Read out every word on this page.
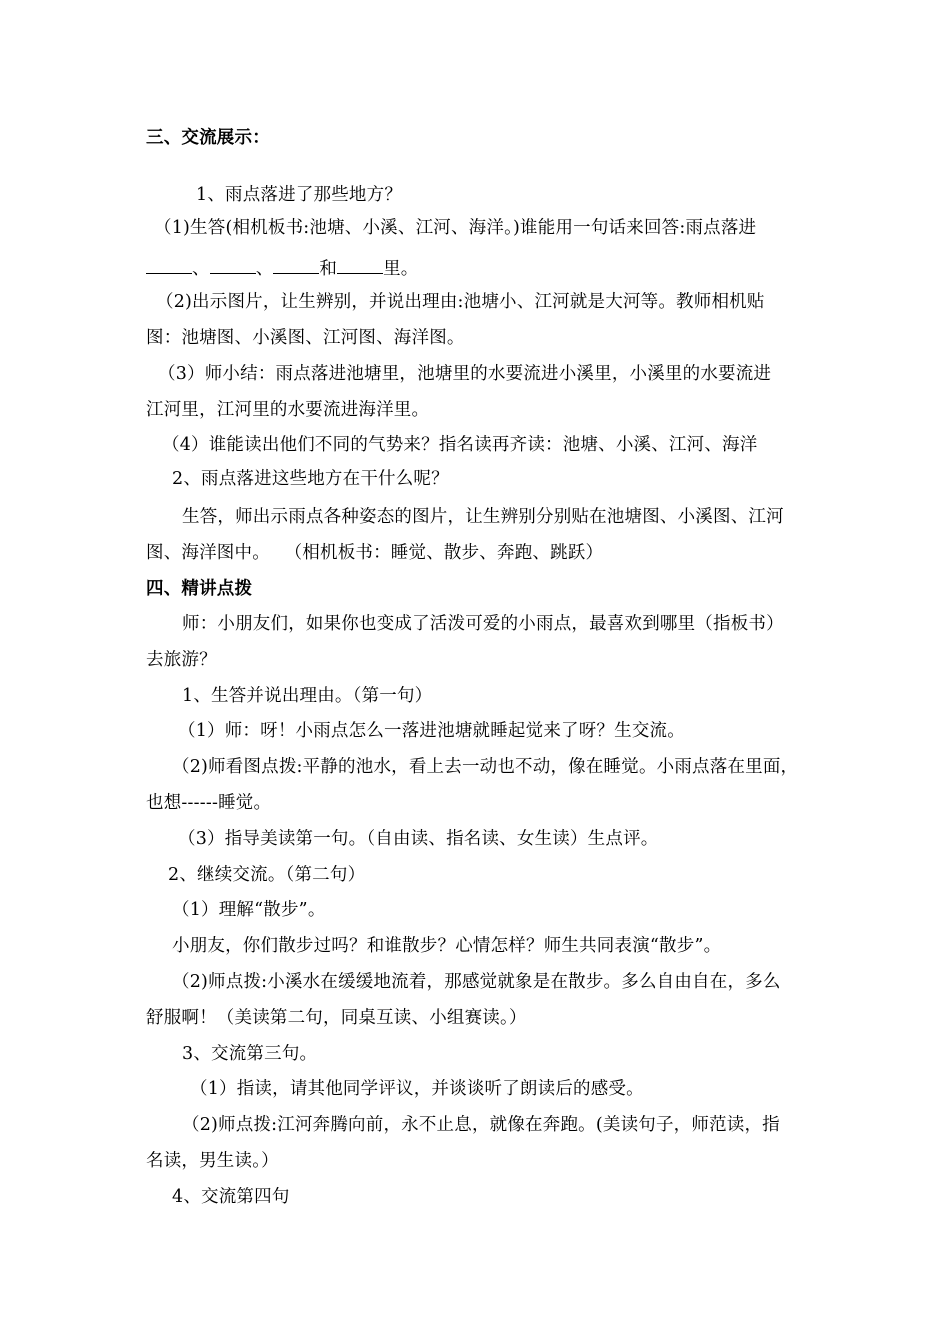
三、交流展示：
1、雨点落进了那些地方？
（1)生答(相机板书:池塘、小溪、江河、海洋。)谁能用一句话来回答:雨点落进
、	、	和	里。
（2)出示图片，让生辨别，并说出理由:池塘小、江河就是大河等。教师相机贴
图：池塘图、小溪图、江河图、海洋图。
（3）师小结：雨点落进池塘里，池塘里的水要流进小溪里，小溪里的水要流进
江河里，江河里的水要流进海洋里。
（4）谁能读出他们不同的气势来？指名读再齐读：池塘、小溪、江河、海洋
2、雨点落进这些地方在干什么呢？
生答，师出示雨点各种姿态的图片，让生辨别分别贴在池塘图、小溪图、江河
图、海洋图中。　 （相机板书：睡觉、散步、奔跑、跳跃）
四、精讲点拨
师：小朋友们，如果你也变成了活泼可爱的小雨点，最喜欢到哪里（指板书）
去旅游？
1、生答并说出理由。（第一句）
（1）师：呀！小雨点怎么一落进池塘就睡起觉来了呀？生交流。
（2)师看图点拨:平静的池水，看上去一动也不动，像在睡觉。小雨点落在里面，
也想------睡觉。
（3）指导美读第一句。（自由读、指名读、女生读）生点评。
2、继续交流。（第二句）
（1）理解“散步”。
小朋友，你们散步过吗？和谁散步？心情怎样？师生共同表演“散步”。
（2)师点拨:小溪水在缓缓地流着，那感觉就象是在散步。多么自由自在，多么
舒服啊！（美读第二句，同桌互读、小组赛读。）
3、交流第三句。
（1）指读，请其他同学评议，并谈谈听了朗读后的感受。
（2)师点拨:江河奔腾向前，永不止息，就像在奔跑。(美读句子，师范读，指
名读，男生读。）
4、交流第四句
